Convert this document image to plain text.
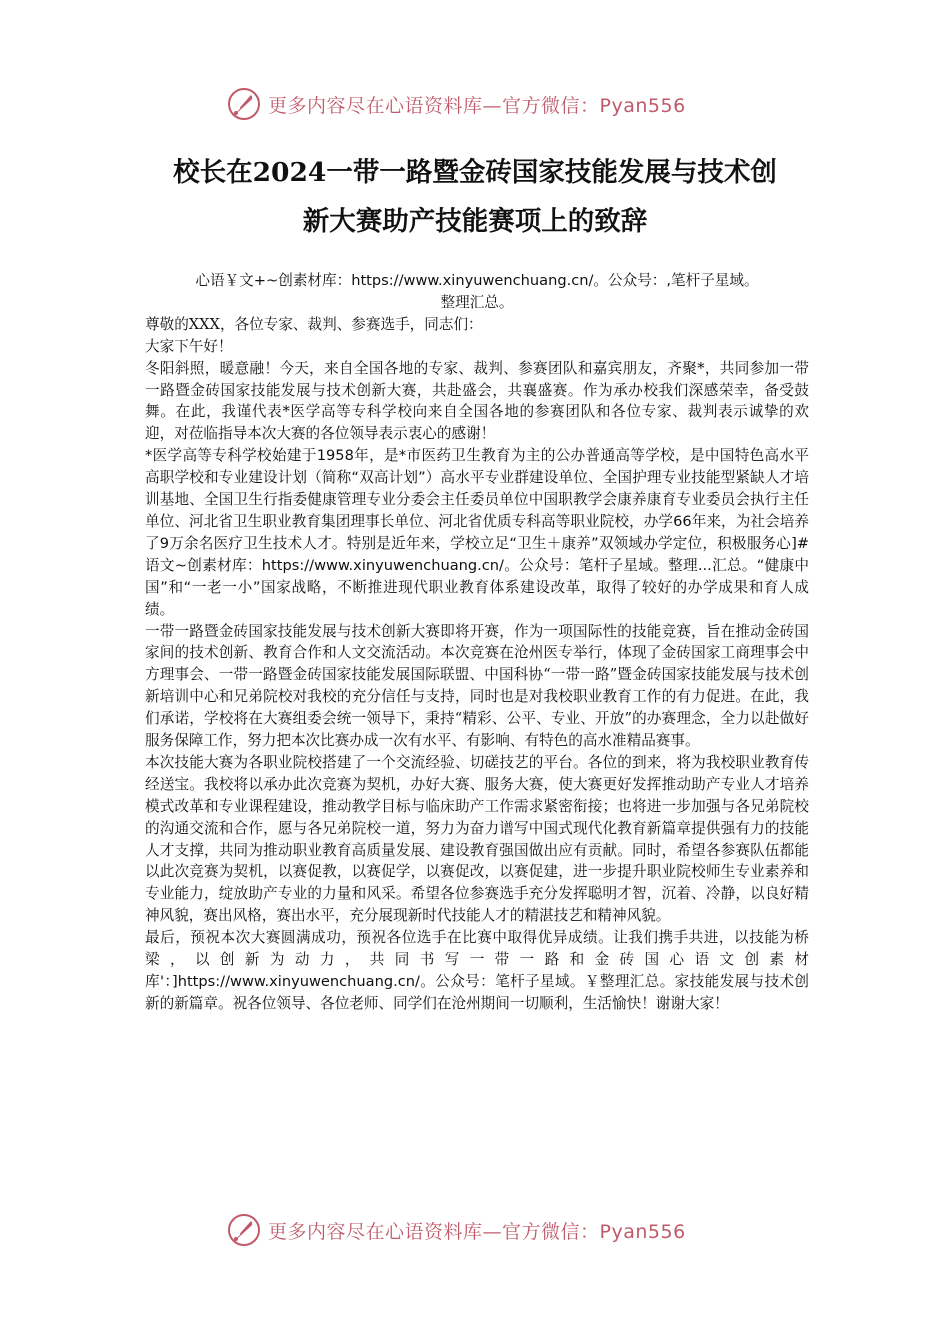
更多内容尽在心语资料库—官方微信：Pyan556
校长在2024一带一路暨金砖国家技能发展与技术创
新大赛助产技能赛项上的致辞

心语￥文+~创素材库：https://www.xinyuwenchuang.cn/。公众号：,笔杆子星域。

整理汇总。

尊敬的XXX，各位专家、裁判、参赛选手，同志们：

大家下午好！

冬阳斜照，暖意融！今天，来自全国各地的专家、裁判、参赛团队和嘉宾朋友，齐聚*，共同参加一带一路暨金砖国家技能发展与技术创新大赛，共赴盛会，共襄盛赛。作为承办校我们深感荣幸，备受鼓舞。在此，我谨代表*医学高等专科学校向来自全国各地的参赛团队和各位专家、裁判表示诚挚的欢迎，对莅临指导本次大赛的各位领导表示衷心的感谢！

*医学高等专科学校始建于1958年，是*市医药卫生教育为主的公办普通高等学校，是中国特色高水平高职学校和专业建设计划（简称“双高计划”）高水平专业群建设单位、全国护理专业技能型紧缺人才培训基地、全国卫生行指委健康管理专业分委会主任委员单位中国职教学会康养康育专业委员会执行主任单位、河北省卫生职业教育集团理事长单位、河北省优质专科高等职业院校，办学66年来，为社会培养了9万余名医疗卫生技术人才。特别是近年来，学校立足“卫生＋康养”双领域办学定位，积极服务心]#语文~创素材库：https://www.xinyuwenchuang.cn/。公众号：笔杆子星域。整理...汇总。“健康中国”和“一老一小”国家战略，不断推进现代职业教育体系建设改革，取得了较好的办学成果和育人成绩。

一带一路暨金砖国家技能发展与技术创新大赛即将开赛，作为一项国际性的技能竞赛，旨在推动金砖国家间的技术创新、教育合作和人文交流活动。本次竞赛在沧州医专举行，体现了金砖国家工商理事会中方理事会、一带一路暨金砖国家技能发展国际联盟、中国科协“一带一路”暨金砖国家技能发展与技术创新培训中心和兄弟院校对我校的充分信任与支持，同时也是对我校职业教育工作的有力促进。在此，我们承诺，学校将在大赛组委会统一领导下，秉持“精彩、公平、专业、开放”的办赛理念，全力以赴做好服务保障工作，努力把本次比赛办成一次有水平、有影响、有特色的高水准精品赛事。

本次技能大赛为各职业院校搭建了一个交流经验、切磋技艺的平台。各位的到来，将为我校职业教育传经送宝。我校将以承办此次竞赛为契机，办好大赛、服务大赛，使大赛更好发挥推动助产专业人才培养模式改革和专业课程建设，推动教学目标与临床助产工作需求紧密衔接；也将进一步加强与各兄弟院校的沟通交流和合作，愿与各兄弟院校一道，努力为奋力谱写中国式现代化教育新篇章提供强有力的技能人才支撑，共同为推动职业教育高质量发展、建设教育强国做出应有贡献。同时，希望各参赛队伍都能以此次竞赛为契机，以赛促教，以赛促学，以赛促改，以赛促建，进一步提升职业院校师生专业素养和专业能力，绽放助产专业的力量和风采。希望各位参赛选手充分发挥聪明才智，沉着、冷静，以良好精神风貌，赛出风格，赛出水平，充分展现新时代技能人才的精湛技艺和精神风貌。

最后，预祝本次大赛圆满成功，预祝各位选手在比赛中取得优异成绩。让我们携手共进，以技能为桥梁，以创新为动力，共同书写一带一路和金砖国心语文创素材库'：]https://www.xinyuwenchuang.cn/。公众号：笔杆子星域。￥整理汇总。家技能发展与技术创新的新篇章。祝各位领导、各位老师、同学们在沧州期间一切顺利，生活愉快！谢谢大家！

更多内容尽在心语资料库—官方微信：Pyan556
